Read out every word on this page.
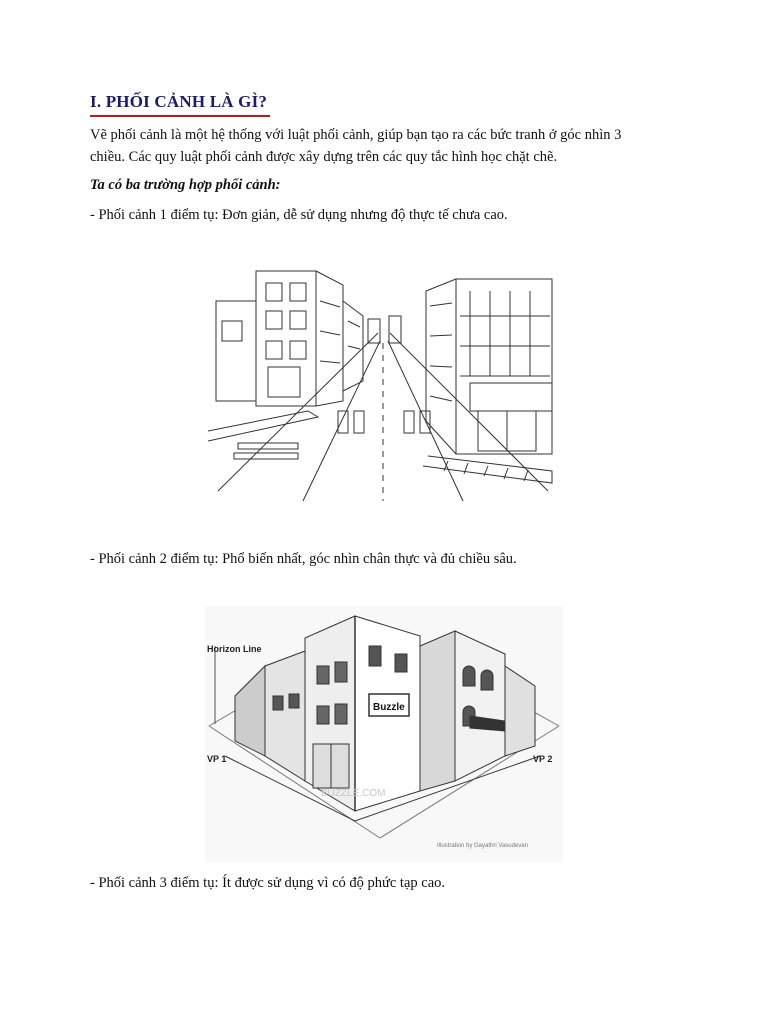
I. PHỐI CẢNH LÀ GÌ?
Vẽ phối cảnh là một hệ thống với luật phối cảnh, giúp bạn tạo ra các bức tranh ở góc nhìn 3
chiều. Các quy luật phối cảnh được xây dựng trên các quy tắc hình học chặt chẽ.
Ta có ba trường hợp phối cảnh:
- Phối cảnh 1 điểm tụ: Đơn giản, dễ sử dụng nhưng độ thực tế chưa cao.
- Phối cảnh 2 điểm tụ: Phổ biến nhất, góc nhìn chân thực và đủ chiều sâu.
Horizon Line
VP 1	VP 2
Buzzle
BUZZLE.COM
Illustration by Gayathri Vasudevan
- Phối cảnh 3 điểm tụ: Ít được sử dụng vì có độ phức tạp cao.
